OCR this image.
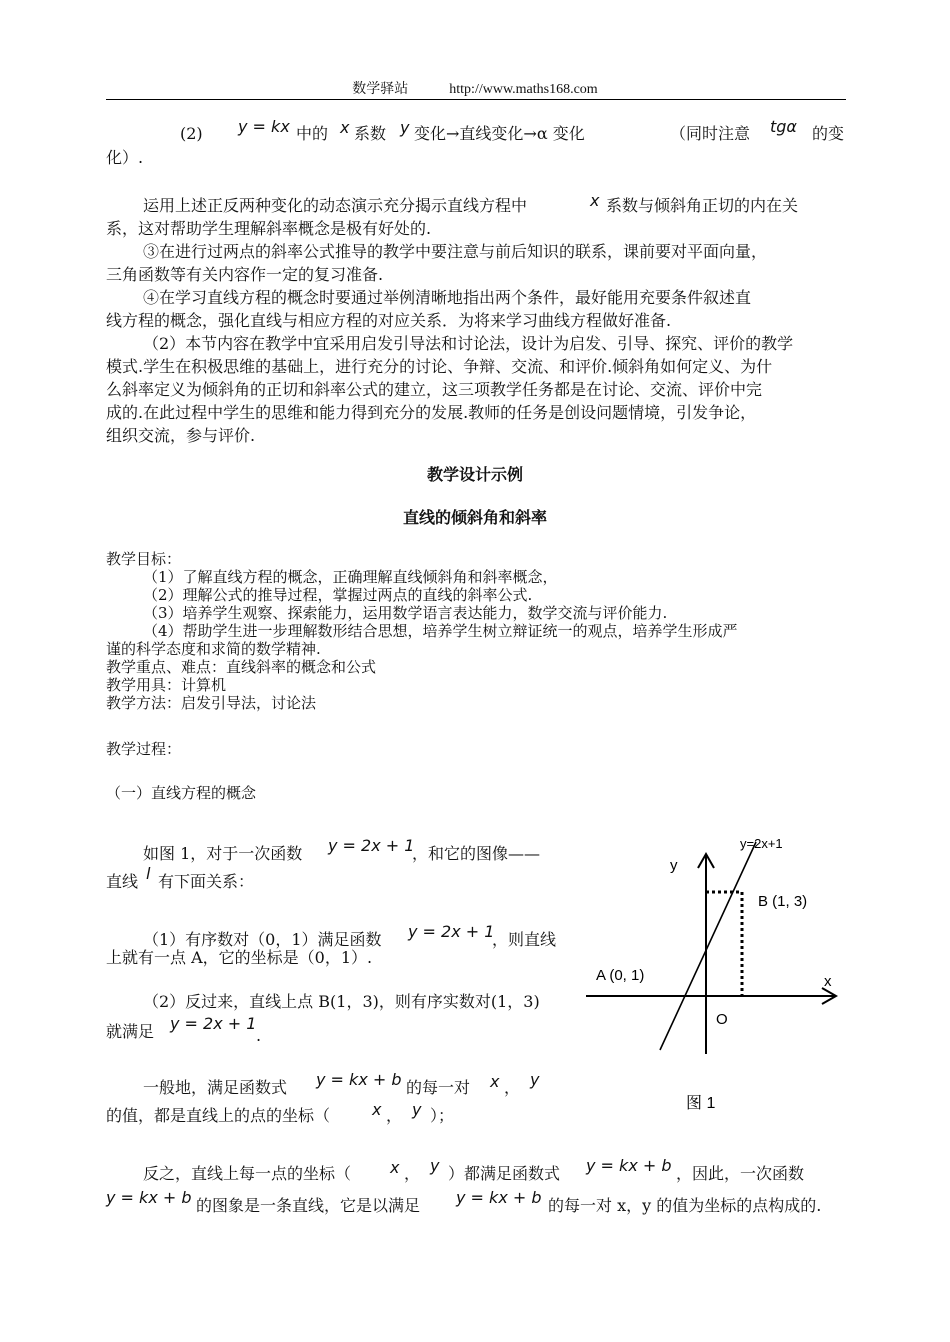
数学驿站	http://www.maths168.com
(2) y = kx 中的 x 系数 y 变化→直线变化→α 变化	（同时注意 tgα 的变
化）.
运用上述正反两种变化的动态演示充分揭示直线方程中	x 系数与倾斜角正切的内在关
系，这对帮助学生理解斜率概念是极有好处的.
③在进行过两点的斜率公式推导的教学中要注意与前后知识的联系，课前要对平面向量，
三角函数等有关内容作一定的复习准备.
④在学习直线方程的概念时要通过举例清晰地指出两个条件，最好能用充要条件叙述直
线方程的概念，强化直线与相应方程的对应关系．为将来学习曲线方程做好准备.
（2）本节内容在教学中宜采用启发引导法和讨论法，设计为启发、引导、探究、评价的教学
模式.学生在积极思维的基础上，进行充分的讨论、争辩、交流、和评价.倾斜角如何定义、为什
么斜率定义为倾斜角的正切和斜率公式的建立，这三项教学任务都是在讨论、交流、评价中完
成的.在此过程中学生的思维和能力得到充分的发展.教师的任务是创设问题情境，引发争论，
组织交流，参与评价.
教学设计示例
直线的倾斜角和斜率
教学目标：
（1）了解直线方程的概念，正确理解直线倾斜角和斜率概念，
（2）理解公式的推导过程，掌握过两点的直线的斜率公式.
（3）培养学生观察、探索能力，运用数学语言表达能力，数学交流与评价能力.
（4）帮助学生进一步理解数形结合思想，培养学生树立辩证统一的观点，培养学生形成严
谨的科学态度和求简的数学精神.
教学重点、难点：直线斜率的概念和公式
教学用具：计算机
教学方法：启发引导法，讨论法
教学过程：
（一）直线方程的概念
如图 1，对于一次函数 y = 2x + 1
，和它的图像——
直线 l 有下面关系：
（1）有序数对（0，1）满足函数 y = 2x + 1
，则直线
上就有一点 A，它的坐标是（0，1）.
（2）反过来，直线上点 B(1，3)，则有序实数对(1，3)
就满足 y = 2x + 1
.
一般地，满足函数式 y = kx + b 的每一对 x ， y
的值，都是直线上的点的坐标（	x ， y ）；
反之，直线上每一点的坐标（ x ， y ）都满足函数式 y = kx + b ，因此，一次函数
y = kx + b 的图象是一条直线，它是以满足 y = kx + b 的每一对 x，y 的值为坐标的点构成的.
y=2x+1
y
x
B (1, 3)
A (0, 1)
O
图 1
